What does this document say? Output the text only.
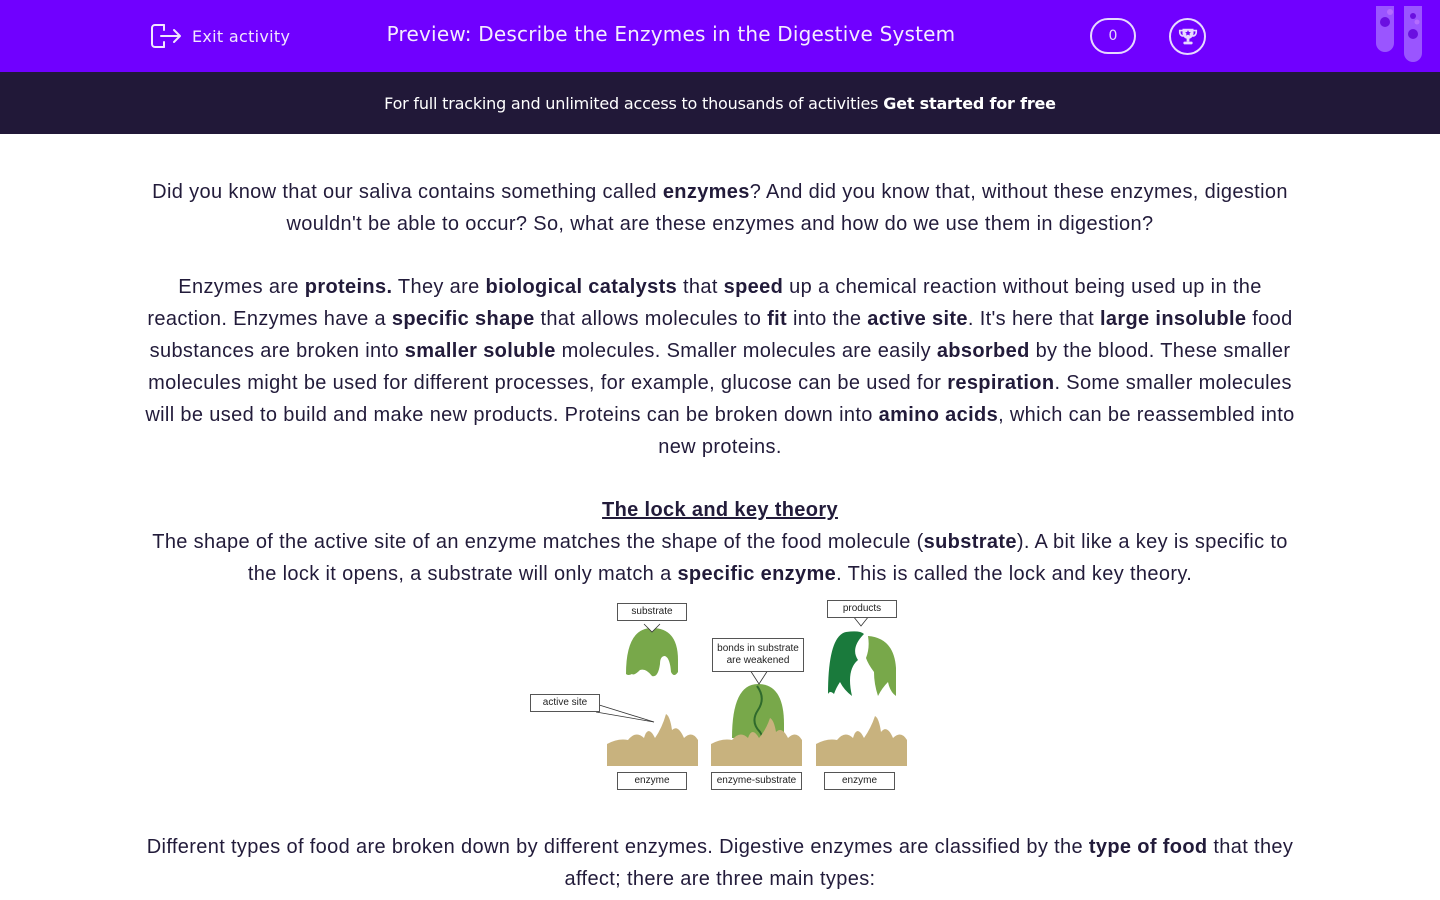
Exit activity	Preview: Describe the Enzymes in the Digestive System	0
For full tracking and unlimited access to thousands of activities Get started for free

Did you know that our saliva contains something called enzymes? And did you know that, without these enzymes, digestion wouldn't be able to occur? So, what are these enzymes and how do we use them in digestion?

Enzymes are proteins. They are biological catalysts that speed up a chemical reaction without being used up in the reaction. Enzymes have a specific shape that allows molecules to fit into the active site. It's here that large insoluble food substances are broken into smaller soluble molecules. Smaller molecules are easily absorbed by the blood. These smaller molecules might be used for different processes, for example, glucose can be used for respiration. Some smaller molecules will be used to build and make new products. Proteins can be broken down into amino acids, which can be reassembled into new proteins.

The lock and key theory
The shape of the active site of an enzyme matches the shape of the food molecule (substrate). A bit like a key is specific to the lock it opens, a substrate will only match a specific enzyme. This is called the lock and key theory.

substrate
active site
bonds in substrate are weakened
products
enzyme	enzyme-substrate	enzyme

Different types of food are broken down by different enzymes. Digestive enzymes are classified by the type of food that they affect; there are three main types:
